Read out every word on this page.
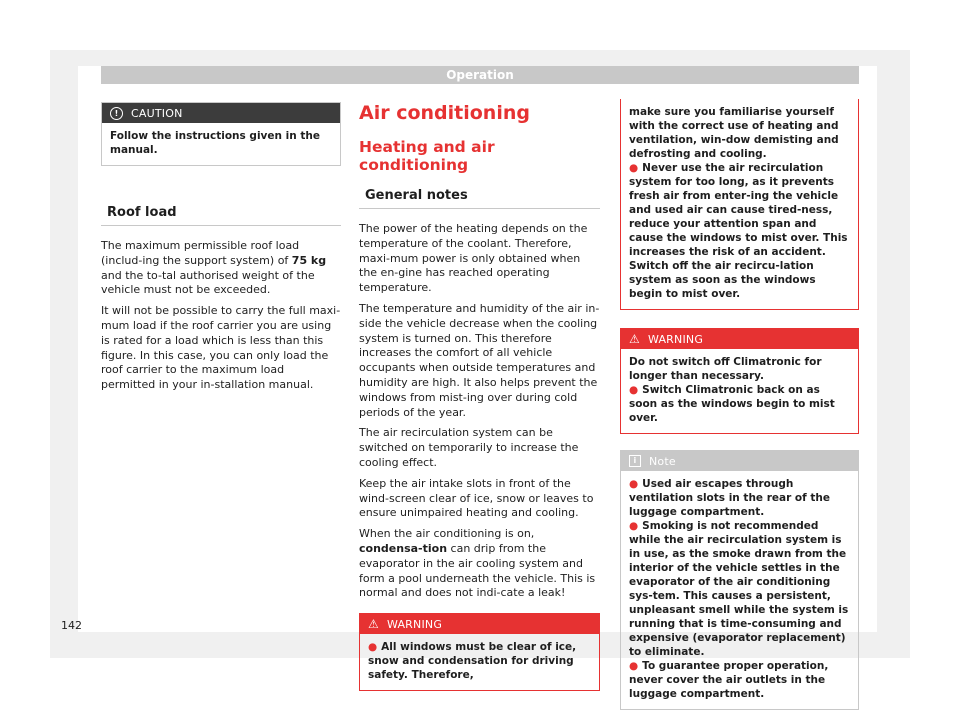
Operation
!	CAUTION
Follow the instructions given in the manual.
Roof load

The maximum permissible roof load (includ-ing the support system) of 75 kg and the to-tal authorised weight of the vehicle must not be exceeded.

It will not be possible to carry the full maxi-mum load if the roof carrier you are using is rated for a load which is less than this figure. In this case, you can only load the roof carrier to the maximum load permitted in your in-stallation manual.

Air conditioning
Heating and air conditioning
General notes

The power of the heating depends on the temperature of the coolant. Therefore, maxi-mum power is only obtained when the en-gine has reached operating temperature.

The temperature and humidity of the air in-side the vehicle decrease when the cooling system is turned on. This therefore increases the comfort of all vehicle occupants when outside temperatures and humidity are high. It also helps prevent the windows from mist-ing over during cold periods of the year.

The air recirculation system can be switched on temporarily to increase the cooling effect.

Keep the air intake slots in front of the wind-screen clear of ice, snow or leaves to ensure unimpaired heating and cooling.

When the air conditioning is on, condensa-tion can drip from the evaporator in the air cooling system and form a pool underneath the vehicle. This is normal and does not indi-cate a leak!

⚠ WARNING
● All windows must be clear of ice, snow and condensation for driving safety. Therefore,
make sure you familiarise yourself with the correct use of heating and ventilation, win-dow demisting and defrosting and cooling.
● Never use the air recirculation system for too long, as it prevents fresh air from enter-ing the vehicle and used air can cause tired-ness, reduce your attention span and cause the windows to mist over. This increases the risk of an accident. Switch off the air recircu-lation system as soon as the windows begin to mist over.
⚠ WARNING
Do not switch off Climatronic for longer than necessary.
● Switch Climatronic back on as soon as the windows begin to mist over.
i	Note
● Used air escapes through ventilation slots in the rear of the luggage compartment.
● Smoking is not recommended while the air recirculation system is in use, as the smoke drawn from the interior of the vehicle settles in the evaporator of the air conditioning sys-tem. This causes a persistent, unpleasant smell while the system is running that is time-consuming and expensive (evaporator replacement) to eliminate.
● To guarantee proper operation, never cover the air outlets in the luggage compartment.
142
